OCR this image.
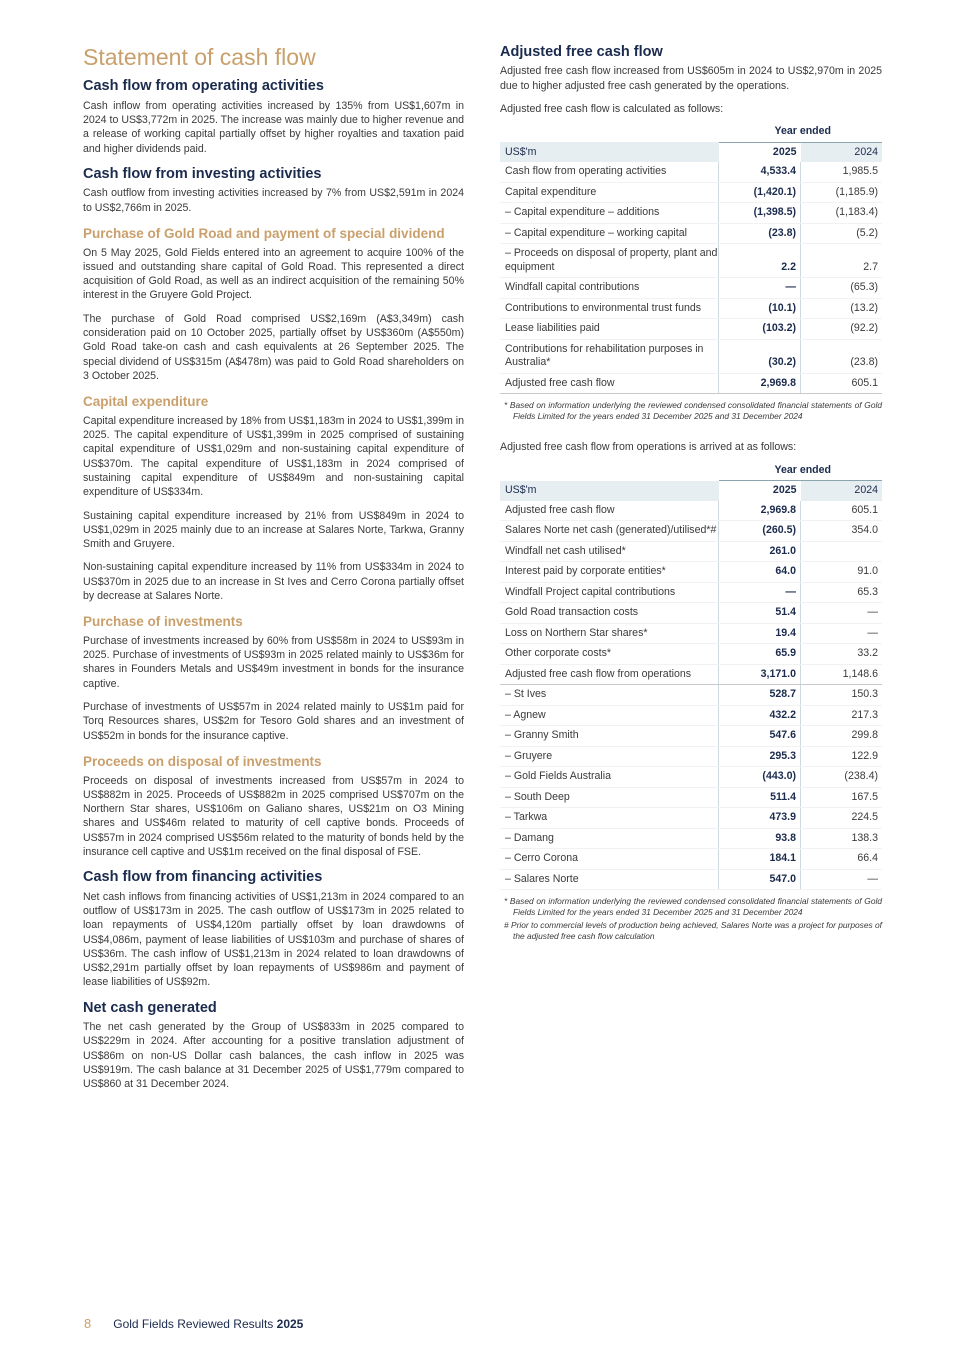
Statement of cash flow
Cash flow from operating activities

Cash inflow from operating activities increased by 135% from US$1,607m in 2024 to US$3,772m in 2025. The increase was mainly due to higher revenue and a release of working capital partially offset by higher royalties and taxation paid and higher dividends paid.

Cash flow from investing activities

Cash outflow from investing activities increased by 7% from US$2,591m in 2024 to US$2,766m in 2025.

Purchase of Gold Road and payment of special dividend

On 5 May 2025, Gold Fields entered into an agreement to acquire 100% of the issued and outstanding share capital of Gold Road. This represented a direct acquisition of Gold Road, as well as an indirect acquisition of the remaining 50% interest in the Gruyere Gold Project.

The purchase of Gold Road comprised US$2,169m (A$3,349m) cash consideration paid on 10 October 2025, partially offset by US$360m (A$550m) Gold Road take-on cash and cash equivalents at 26 September 2025. The special dividend of US$315m (A$478m) was paid to Gold Road shareholders on 3 October 2025.

Capital expenditure

Capital expenditure increased by 18% from US$1,183m in 2024 to US$1,399m in 2025. The capital expenditure of US$1,399m in 2025 comprised of sustaining capital expenditure of US$1,029m and non-sustaining capital expenditure of US$370m. The capital expenditure of US$1,183m in 2024 comprised of sustaining capital expenditure of US$849m and non-sustaining capital expenditure of US$334m.

Sustaining capital expenditure increased by 21% from US$849m in 2024 to US$1,029m in 2025 mainly due to an increase at Salares Norte, Tarkwa, Granny Smith and Gruyere.

Non-sustaining capital expenditure increased by 11% from US$334m in 2024 to US$370m in 2025 due to an increase in St Ives and Cerro Corona partially offset by decrease at Salares Norte.

Purchase of investments

Purchase of investments increased by 60% from US$58m in 2024 to US$93m in 2025. Purchase of investments of US$93m in 2025 related mainly to US$36m for shares in Founders Metals and US$49m investment in bonds for the insurance captive.

Purchase of investments of US$57m in 2024 related mainly to US$1m paid for Torq Resources shares, US$2m for Tesoro Gold shares and an investment of US$52m in bonds for the insurance captive.

Proceeds on disposal of investments

Proceeds on disposal of investments increased from US$57m in 2024 to US$882m in 2025. Proceeds of US$882m in 2025 comprised US$707m on the Northern Star shares, US$106m on Galiano shares, US$21m on O3 Mining shares and US$46m related to maturity of cell captive bonds. Proceeds of US$57m in 2024 comprised US$56m related to the maturity of bonds held by the insurance cell captive and US$1m received on the final disposal of FSE.

Cash flow from financing activities

Net cash inflows from financing activities of US$1,213m in 2024 compared to an outflow of US$173m in 2025. The cash outflow of US$173m in 2025 related to loan repayments of US$4,120m partially offset by loan drawdowns of US$4,086m, payment of lease liabilities of US$103m and purchase of shares of US$36m. The cash inflow of US$1,213m in 2024 related to loan drawdowns of US$2,291m partially offset by loan repayments of US$986m and payment of lease liabilities of US$92m.

Net cash generated

The net cash generated by the Group of US$833m in 2025 compared to US$229m in 2024. After accounting for a positive translation adjustment of US$86m on non-US Dollar cash balances, the cash inflow in 2025 was US$919m. The cash balance at 31 December 2025 of US$1,779m compared to US$860 at 31 December 2024.

Adjusted free cash flow

Adjusted free cash flow increased from US$605m in 2024 to US$2,970m in 2025 due to higher adjusted free cash generated by the operations.

Adjusted free cash flow is calculated as follows:

	Year ended	
US$'m	2025	2024
Cash flow from operating activities	4,533.4	1,985.5
Capital expenditure	(1,420.1)	(1,185.9)
– Capital expenditure – additions	(1,398.5)	(1,183.4)
– Capital expenditure – working capital	(23.8)	(5.2)
– Proceeds on disposal of property, plant and equipment	2.2	2.7
Windfall capital contributions	—	(65.3)
Contributions to environmental trust funds	(10.1)	(13.2)
Lease liabilities paid	(103.2)	(92.2)
Contributions for rehabilitation purposes in Australia*	(30.2)	(23.8)
Adjusted free cash flow	2,969.8	605.1

* Based on information underlying the reviewed condensed consolidated financial statements of Gold Fields Limited for the years ended 31 December 2025 and 31 December 2024

Adjusted free cash flow from operations is arrived at as follows:

	Year ended	
US$'m	2025	2024
Adjusted free cash flow	2,969.8	605.1
Salares Norte net cash (generated)/utilised*#	(260.5)	354.0
Windfall net cash utilised*	261.0	
Interest paid by corporate entities*	64.0	91.0
Windfall Project capital contributions	—	65.3
Gold Road transaction costs	51.4	—
Loss on Northern Star shares*	19.4	—
Other corporate costs*	65.9	33.2
Adjusted free cash flow from operations	3,171.0	1,148.6
– St Ives	528.7	150.3
– Agnew	432.2	217.3
– Granny Smith	547.6	299.8
– Gruyere	295.3	122.9
– Gold Fields Australia	(443.0)	(238.4)
– South Deep	511.4	167.5
– Tarkwa	473.9	224.5
– Damang	93.8	138.3
– Cerro Corona	184.1	66.4
– Salares Norte	547.0	—

* Based on information underlying the reviewed condensed consolidated financial statements of Gold Fields Limited for the years ended 31 December 2025 and 31 December 2024

# Prior to commercial levels of production being achieved, Salares Norte was a project for purposes of the adjusted free cash flow calculation

8 Gold Fields Reviewed Results 2025
